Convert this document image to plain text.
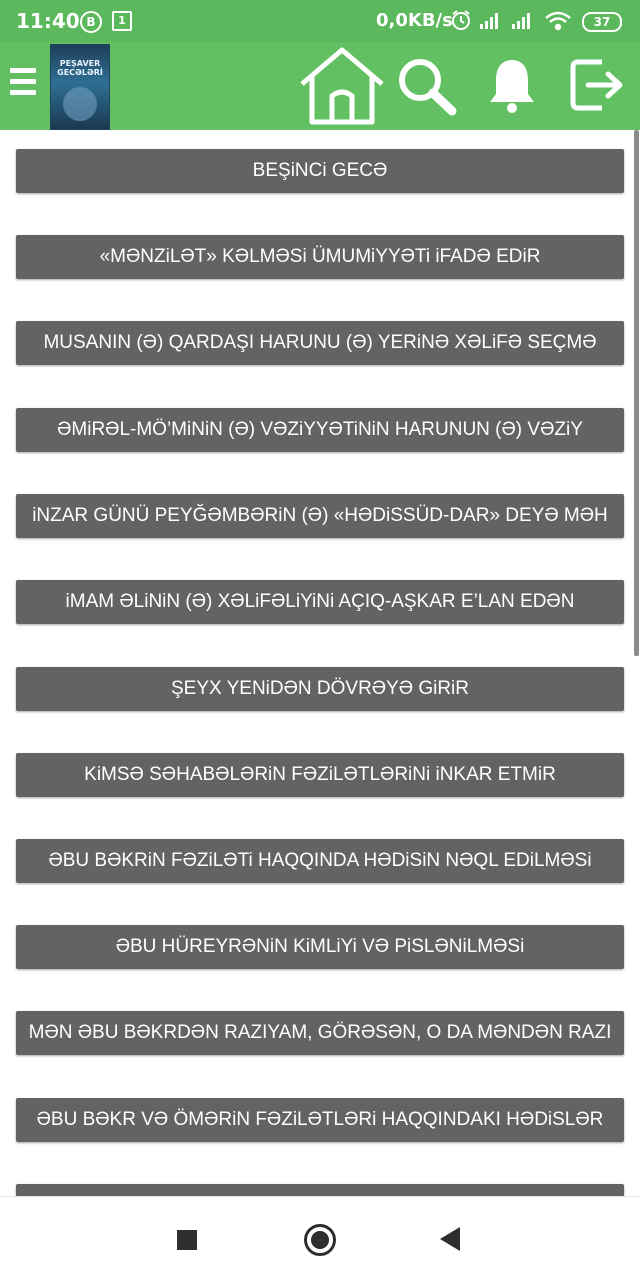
11:40 B	1	0,0KB/s	37
PEŞAVER GECƏLƏRİ
BEŞiNCi GECƏ
«MƏNZiLƏT» KƏLMƏSi ÜMUMiYYƏTi iFADƏ EDiR
MUSANIN (Ə) QARDAŞI HARUNU (Ə) YERiNƏ XƏLiFƏ SEÇMƏ
ƏMiRƏL-MÖ’MiNiN (Ə) VƏZiYYƏTiNiN HARUNUN (Ə) VƏZiY
iNZAR GÜNÜ PEYĞƏMBƏRiN (Ə) «HƏDiSSÜD-DAR» DEYƏ MƏH
iMAM ƏLiNiN (Ə) XƏLiFƏLiYiNi AÇIQ-AŞKAR E’LAN EDƏN
ŞEYX YENiDƏN DÖVRƏYƏ GiRiR
KiMSƏ SƏHABƏLƏRiN FƏZiLƏTLƏRiNi iNKAR ETMiR
ƏBU BƏKRiN FƏZiLƏTi HAQQINDA HƏDiSiN NƏQL EDiLMƏSi
ƏBU HÜREYRƏNiN KiMLiYi VƏ PiSLƏNiLMƏSi
MƏN ƏBU BƏKRDƏN RAZIYAM, GÖRƏSƏN, O DA MƏNDƏN RAZI
ƏBU BƏKR VƏ ÖMƏRiN FƏZiLƏTLƏRi HAQQINDAKI HƏDiSLƏR
